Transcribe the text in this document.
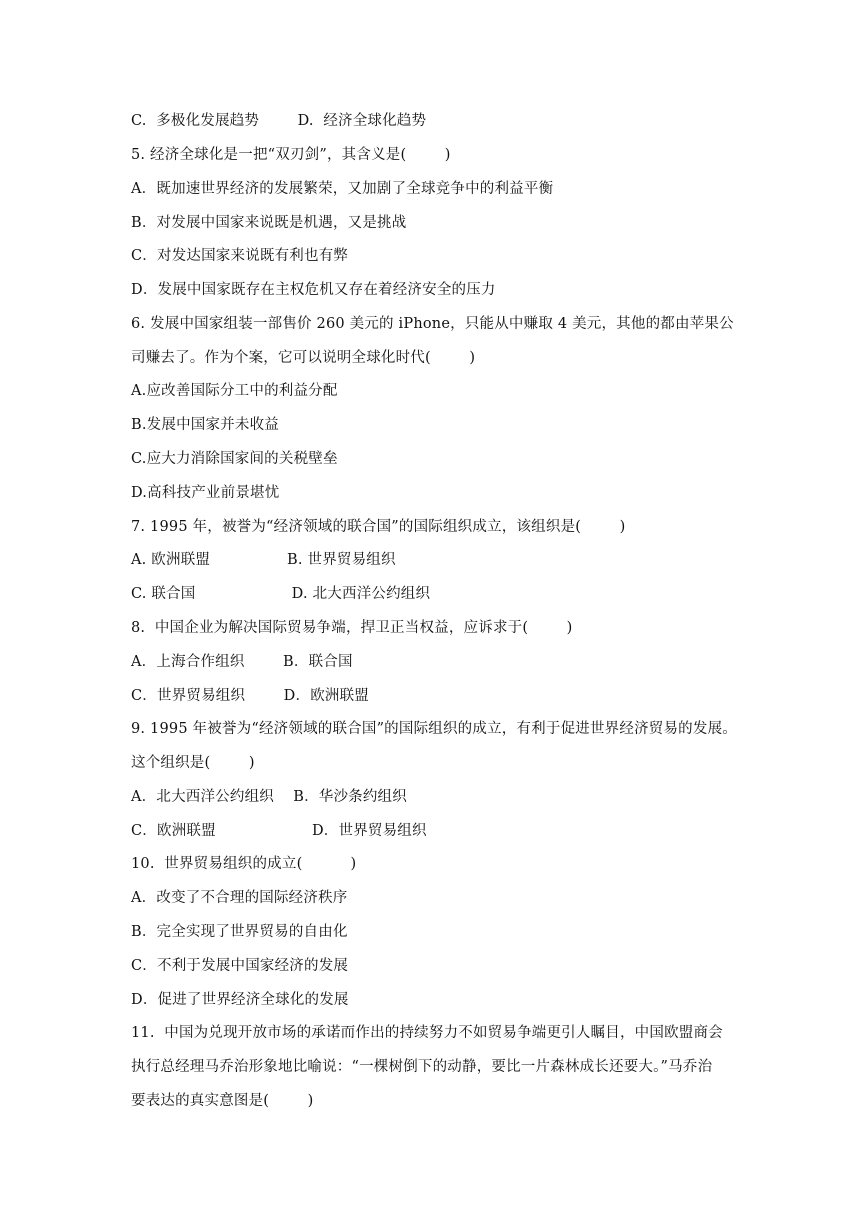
C.  多极化发展趋势        D.  经济全球化趋势
5. 经济全球化是一把“双刃剑”，其含义是(        )
A．既加速世界经济的发展繁荣，又加剧了全球竞争中的利益平衡
B．对发展中国家来说既是机遇，又是挑战
C．对发达国家来说既有利也有弊
D．发展中国家既存在主权危机又存在着经济安全的压力
6. 发展中国家组装一部售价 260 美元的 iPhone，只能从中赚取 4 美元，其他的都由苹果公
司赚去了。作为个案，它可以说明全球化时代(        )
A.应改善国际分工中的利益分配
B.发展中国家并未收益
C.应大力消除国家间的关税壁垒
D.高科技产业前景堪忧
7. 1995 年，被誉为“经济领域的联合国”的国际组织成立，该组织是(        )
A. 欧洲联盟                B. 世界贸易组织
C. 联合国                    D. 北大西洋公约组织
8.  中国企业为解决国际贸易争端，捍卫正当权益，应诉求于(        )
A．上海合作组织        B．联合国
C．世界贸易组织        D．欧洲联盟
9. 1995 年被誉为“经济领域的联合国”的国际组织的成立，有利于促进世界经济贸易的发展。
这个组织是(        )
A．北大西洋公约组织    B．华沙条约组织
C．欧洲联盟                    D．世界贸易组织
10.  世界贸易组织的成立(          )
A．改变了不合理的国际经济秩序
B．完全实现了世界贸易的自由化
C．不利于发展中国家经济的发展
D．促进了世界经济全球化的发展
11.  中国为兑现开放市场的承诺而作出的持续努力不如贸易争端更引人瞩目，中国欧盟商会
执行总经理马乔治形象地比喻说：“一棵树倒下的动静，要比一片森林成长还要大。”马乔治
要表达的真实意图是(        )
